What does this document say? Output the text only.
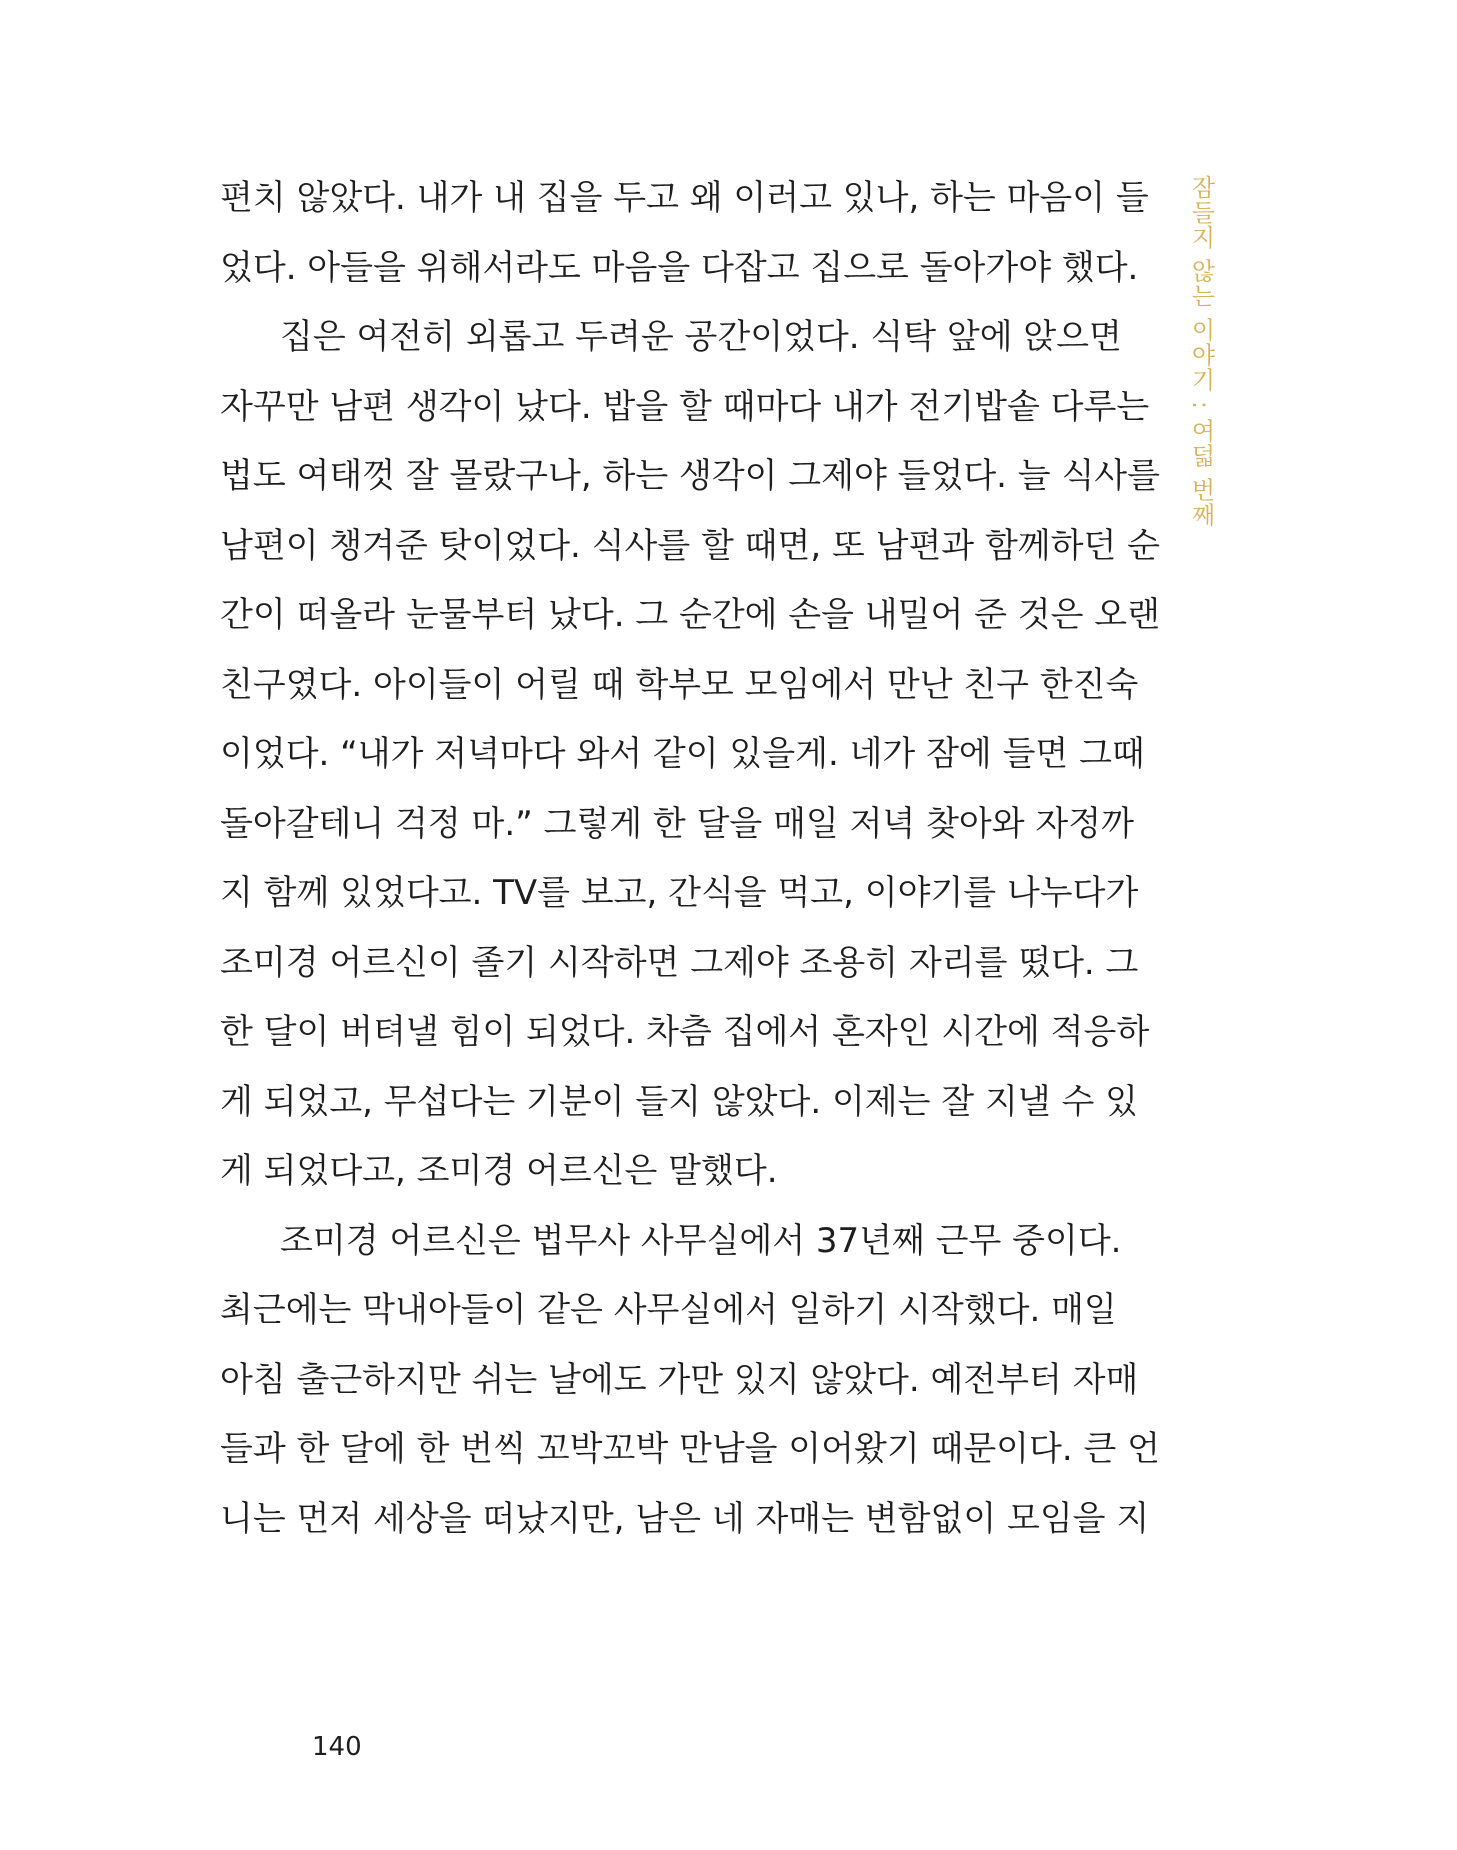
편치 않았다. 내가 내 집을 두고 왜 이러고 있나, 하는 마음이 들
었다. 아들을 위해서라도 마음을 다잡고 집으로 돌아가야 했다.
집은 여전히 외롭고 두려운 공간이었다. 식탁 앞에 앉으면
자꾸만 남편 생각이 났다. 밥을 할 때마다 내가 전기밥솥 다루는
법도 여태껏 잘 몰랐구나, 하는 생각이 그제야 들었다. 늘 식사를
남편이 챙겨준 탓이었다. 식사를 할 때면, 또 남편과 함께하던 순
간이 떠올라 눈물부터 났다. 그 순간에 손을 내밀어 준 것은 오랜
친구였다. 아이들이 어릴 때 학부모 모임에서 만난 친구 한진숙
이었다. “내가 저녁마다 와서 같이 있을게. 네가 잠에 들면 그때
돌아갈테니 걱정 마.” 그렇게 한 달을 매일 저녁 찾아와 자정까
지 함께 있었다고. TV를 보고, 간식을 먹고, 이야기를 나누다가
조미경 어르신이 졸기 시작하면 그제야 조용히 자리를 떴다. 그
한 달이 버텨낼 힘이 되었다. 차츰 집에서 혼자인 시간에 적응하
게 되었고, 무섭다는 기분이 들지 않았다. 이제는 잘 지낼 수 있
게 되었다고, 조미경 어르신은 말했다.
조미경 어르신은 법무사 사무실에서 37년째 근무 중이다.
최근에는 막내아들이 같은 사무실에서 일하기 시작했다. 매일
아침 출근하지만 쉬는 날에도 가만 있지 않았다. 예전부터 자매
들과 한 달에 한 번씩 꼬박꼬박 만남을 이어왔기 때문이다. 큰 언
니는 먼저 세상을 떠났지만, 남은 네 자매는 변함없이 모임을 지
잠들지 않는 이야기 : 여덟 번째
140
